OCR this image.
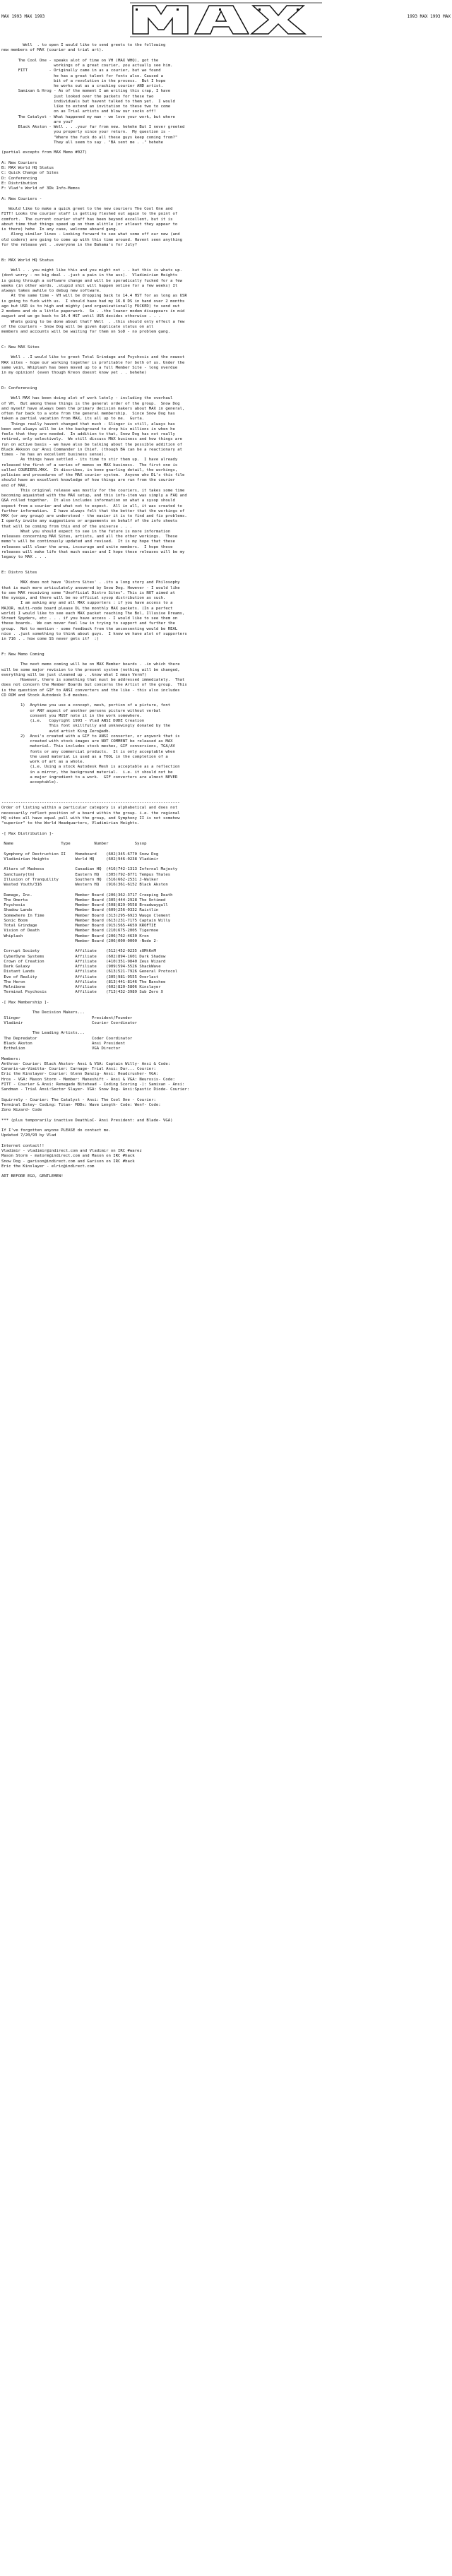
MAX 1993 MAX 1993	1993 MAX 1993 MAX
Well  . to open I would like to send greets to the following
new members of MAX (courier and trial art).
The Cool One - speaks alot of time on VH (MAX WHQ), got the
workings of a great courier, you actually see him.
FITT         - Originally came in as a courier, but we found
he has a great talent for fonts also. Caused a
bit of a revolution in the process.  But I hope
he works out as a cracking courier AND artist.
Samixan & Hrog - As of the moment I am writing this crap, I have
just looked over the packets for these two
individuals but havent talked to them yet.  I would
like to extend an invitation to these two to come
on as Trial artists and blow our socks off!
The Catalyst - What happened my man - we love your work, but where
are you?
Black Akston - Well . . .your far from new. hehehe But I never greeted
you properly since your return.  My question is -
"Where the fuck do all these guys keep coming from?"
They all seem to say . "BA sent me . ." hehehe
(partial excepts from MAX Memo #027)
A: New Couriers
B: MAX World HQ Status
C: Quick Change of Sites
D: Conferencing
E: Distribution
F: Vlad's World of 3Dk Info-Memos
A: New Couriers -
Would like to make a quick greet to the new couriers The Cool One and
FITT! Looks the courier staff is getting fleshed out again to the point of
comfort.  The current courier staff has been beyond excellent, but it is
about time that things speed up on them alittle (or atleast they appear to
is there) hehe  In any case, welcome aboard gang.
Along similar lines - Looking forward to see what some off our new (and
old coders) are going to come up with this time around. Havent seen anything
for the release yet . .everyone in the Bahama's for July?
B: MAX World HQ Status
Well . . you might like this and you might not . . but this is whats up.
(dont worry - no big deal . .just a pain in the ass).  Vladimirian Heights
is going through a software change and will be sporadically fucked for a few
weeks (in other words. .stupid shit will happen online for a few weeks) It
always takes awhile to debug new software.
At the same time - VH will be dropping back to 14.4 HST for as long as USR
is going to fuck with us.  I should have had my 16.8 DS in hand over 2 months
ago but USR is to high and mighty (and organizationally FUCKED) to send out
2 modems and do a little paperwork.  So . .the loaner modem disappears in mid
august and we go back to 14.4 HST until USR decides otherwise . . .
Whats going to be done about that? Well  . .this should only effect a few
of the couriers - Snow Dog will be given duplicate status on all
members and accounts will be waiting for them on SoD - no problem gang.
C: New MAX Sites
Well . .I would like to greet Total Grindage and Psychosis and the newest
MAX sites - hope our working together is profitable for both of us. Under the
same vein, Whiplash has been moved up to a full Member Site - long overdue
in my opinion! (even though Kreon doesnt know yet . . behehe)
D: Conferencing
Well MAX has been doing alot of work lately - including the overhaul
of VH.  But among these things is the general order of the group.  Snow Dog
and myself have always been the primary decision makers about MAX in general,
often far back to a vote from the general membership.  Since Snow Dog has
taken a partial vacation from MAX, its all up to me.  Gurta.
Things really havent changed that much - Slinger is still, always has
been and always will be in the background to drop his millions in when he
feels that they are needed.  In addition to that, Snow Dog has not really
retired, only selectively.  We still discuss MAX business and how things are
run on active basis - we have also be talking about the possible addition of
Black Akkson our Ansi Commander in Chief. (though BA can be a reactionary at
times - he has an excellent business sense).
As things have settled - its time to stir them up.  I have already
released the first of a series of memos on MAX business.  The first one is
called COURIERS.MAX.  It discribes, in bone gnarling detail, the workings,
policies and procedures of the MAX courier system.  Anyone who DL's this file
should have an excellent knowledge of how things are run from the courier
end of MAX.
This original release was mostly for the couriers, it takes some time
becoming aquainted with the MAX setup, and this info-item was simply a FAQ and
Q&A rolled together.  It also includes information on what a sysop should
expect from a courier and what not to expect.  All in all, it was created to
further information.  I have always felt that the better that the workings of
MAX (or any group) are understood - the easier it is to find and fix problems.
I openly invite any suggestions or arguements on behalf of the info sheets
that will be coming from this end of the universe . . .
What you should expect to see in the future is more information
releases concerning MAX Sites, artists, and all the other workings.  These
memo's will be continously updated and revised.  It is my hope that these
releases will clear the area, incourage and unite members.  I hope these
releases will make life that much easier and I hope these releases will be my
legacy to MAX . . .
E: Distro Sites
MAX does not have 'Distro Sites' . .its a long story and Philosophy
that is much more articulately answered by Snow Dog. However - I would like
to see MAX receiving some "Unofficial Distro Sites". This is NOT aimed at
the sysops, and there will be no official sysop distribution as such.
I am asking any and all MAX supporters : if you have access to a
MAJOR, multi-node board please DL the monthly MAX packets. (In a perfect
world) I would like to see each MAX packet reaching The Bol, Illusive Dreams,
Street Spyders, etc . . . if you have access - I would like to see them on
these boards.  We can never feel low in trying to support and further the
group.  Not to mention - some feedback from the unconsenting would be REAL
nice . .just something to think about guys.  I know we have alot of supporters
in 716 . . how come SS never gets it?  :)
F: New Memo Coming
The next memo coming will be on MAX Member boards . .in which there
will be some major revision to the present system (nothing will be changed,
everything will be just cleaned up . .know what I mean Verm?)
However, there is something that must be addressed immediately.  That
does not concern the Member Boards but concerns the Artist of the group.  This
is the question of GIF to ANSI converters and the like - this also includes
CD ROM and Stock Autodesk 3-d meshes.
1)  Anytime you use a concept, mesh, portion of a picture, font
or ANY aspect of another persons picture without verbal
consent you MUST note it in the work somewhere.
(i.e.   Copyright 1993 - Vlad ANSI DUDE Creation
This font skillfully and unknowingly donated by the
avid artist King Zero@adb.
2)  Ansi's created with a GIF to ANSI converter, or anywork that is
created with stock images are NOT COMMENT be released as MAX
material. This includes stock meshes, GIF conversions, TGA/AV
fonts or any commercial products.  It is only acceptable when
the used material is used as a TOOL in the completion of a
work of art as a whole.
(i.e. Using a stock Autodesk Mesh is acceptable as a reflection
in a mirror, the background material.  i.e. it should not be
a major ingredient to a work.  GIF converters are almost NEVER
acceptable).
---------------------------------------------------------------------------
Order of listing within a particular category is alphabetical and does not
necessarily reflect position of a board within the group. i.e. the regional
HQ sites all have equal pull with the group, and Symphony II is not somehow
"superior" to the World Headquarters, Vladimirian Heights.
-[ Max Distribution ]-
Name                    Type          Number           Sysop
Symphony of Destruction II    Homeboard    (602)345-6770 Snow Dog
Vladimirian Heights           World HQ     (602)946-0238 Vladimir
Altars of Madness             Canadian HQ  (416)742-1313 Infernal Majesty
Sanctuary(tm)                 Eastern HQ   (305)792-8771 Tempus Thales
Illusion of Tranquility       Southern HQ  (516)662-2531 J-Walker
Wasted Youth/316              Western HQ   (916)361-6152 Black Akston
Damage, Inc.                  Member Board (206)362-3717 Creeping Death
The Omerta                    Member Board (305)444-2928 The Untimed
Psychosis                     Member Board (508)829-9558 Broadwaygull
Shadow Lands                  Member Board (609)256-0332 Raistlin
Somewhere In Time             Member Board (313)295-6923 Waugo Clement
Sonic Boom                    Member Board (613)231-7175 Captain Willy
Total Grindage                Member Board (915)565-4659 KROFTIE
Vision of Death               Member Board (210)675-2005 Tigermoe
Whiplash                      Member Board (206)762-4630 Kron
Member Board (206)000-0000 -Node 2-
Corrupt Society               Affiliate    (512)452-0235 sUMtKnM
CyberDyne Systems             Affiliate    (602)894-1601 Dark Shadow
Crown of Creation             Affiliate    (410)351-9840 Zeus Wizard
Dark Galaxy                   Affiliate    (909)594-5526 ShackWave
Distant Lands                 Affiliate    (613)521-7926 General Protocol
Eve of Reality                Affiliate    (305)981-9555 Overlast
The Heron                     Affiliate    (813)441-8146 The Banshee
Melnibone                     Affiliate    (602)820-5806 Kinslayer
Terminal Psychosis            Affiliate    (713)432-3989 Sub Zero X
-[ Max Membership ]-
The Decision Makers...
Slinger                              President/Founder
Vladimir                             Courier Coordinator
The Leading Artists...
The Depredator                       Coder Coordinator
Black Akston                         Ansi President
Ecthelion                            VGA Director
Members:
Anthrax- Courier: Black Akston- Ansi & VGA: Captain Willy- Ansi & Code:
Canaris-ue-Vimitta- Courier: Carnage- Trial Ansi: Dar... Courier:
Eric the Kinslayer- Courier: Glenn Danzig- Ansi: Headcrusher- VGA:
Hros - VGA: Mason Storm - Member: Maneshift - Ansi & VGA: Neurosis- Code:
FITT - Courier & Ansi: Renegade Bitehead - Coding Scoring -): Samixan - Ansi:
Sandman - Trial Ansi:Sector Slayer- VGA: Snow Dog- Ansi:Spastic Diode- Courier:
Squirrely - Courier: The Catalyst - Ansi: The Cool One - Courier:
Terminal Estey- Coding: Titan- MODs: Wave Length- Code: Wenf- Code:
Zono Wizard- Code
*** (plus temporarily inactive DeathLoC- Ansi President: and Blade- VGA)
If I've forgotten anyone PLEASE do contact me.
Updated 7/20/93 by Vlad
Internet contact!!
Vladimir - vladimir@indirect.com and Vladimir on IRC #warez
Mason Storm - matorm@indirect.com and Mason on IRC #hack
Snow Dog - garison@indirect.com and Garison on IRC #hack
Eric the Kinslayer - elric@indirect.com
ART BEFORE EGO, GENTLEMEN!
